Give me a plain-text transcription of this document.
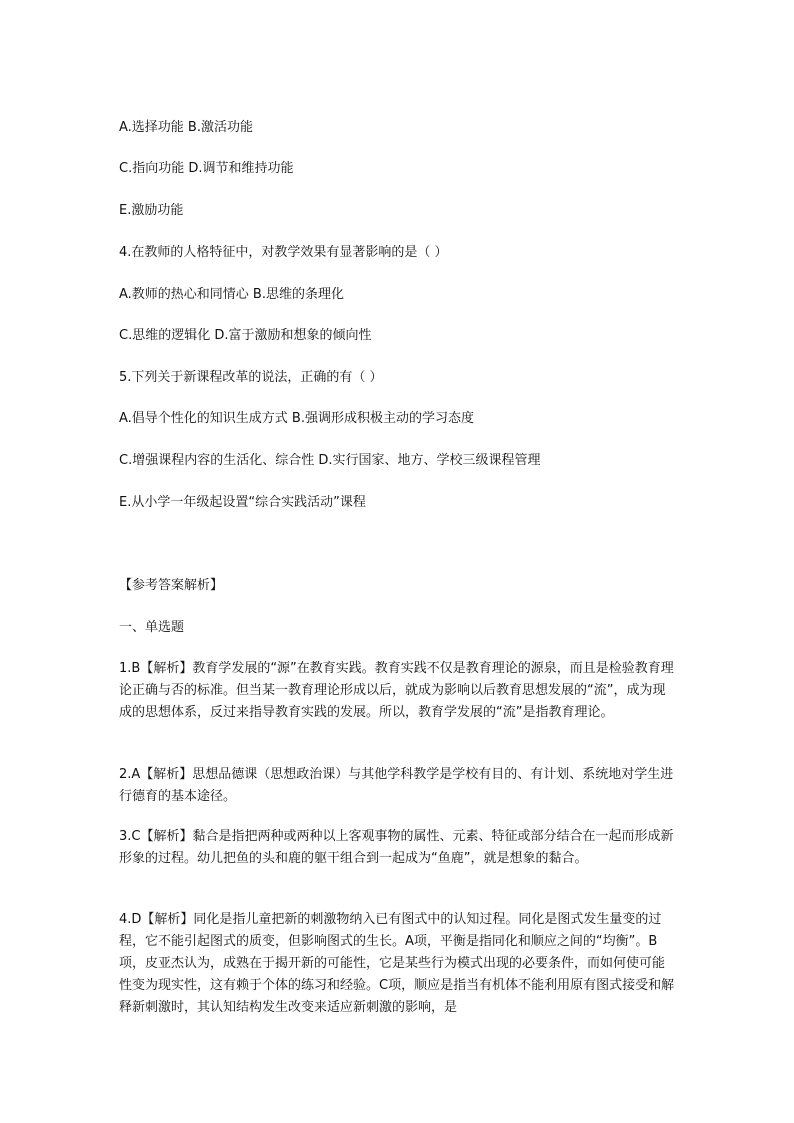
A.选择功能 B.激活功能
C.指向功能 D.调节和维持功能
E.激励功能
4.在教师的人格特征中，对教学效果有显著影响的是（ ）
A.教师的热心和同情心 B.思维的条理化
C.思维的逻辑化 D.富于激励和想象的倾向性
5.下列关于新课程改革的说法，正确的有（ ）
A.倡导个性化的知识生成方式 B.强调形成积极主动的学习态度
C.增强课程内容的生活化、综合性 D.实行国家、地方、学校三级课程管理
E.从小学一年级起设置“综合实践活动”课程
【参考答案解析】
一、单选题
1.B【解析】教育学发展的“源”在教育实践。教育实践不仅是教育理论的源泉，而且是检验教育理论正确与否的标准。但当某一教育理论形成以后，就成为影响以后教育思想发展的“流”，成为现成的思想体系，反过来指导教育实践的发展。所以，教育学发展的“流”是指教育理论。
2.A【解析】思想品德课（思想政治课）与其他学科教学是学校有目的、有计划、系统地对学生进行德育的基本途径。
3.C【解析】黏合是指把两种或两种以上客观事物的属性、元素、特征或部分结合在一起而形成新形象的过程。幼儿把鱼的头和鹿的躯干组合到一起成为“鱼鹿”，就是想象的黏合。
4.D【解析】同化是指儿童把新的刺激物纳入已有图式中的认知过程。同化是图式发生量变的过程，它不能引起图式的质变，但影响图式的生长。A项，平衡是指同化和顺应之间的“均衡”。B项，皮亚杰认为，成熟在于揭开新的可能性，它是某些行为模式出现的必要条件，而如何使可能性变为现实性，这有赖于个体的练习和经验。C项，顺应是指当有机体不能利用原有图式接受和解释新刺激时，其认知结构发生改变来适应新刺激的影响，是
